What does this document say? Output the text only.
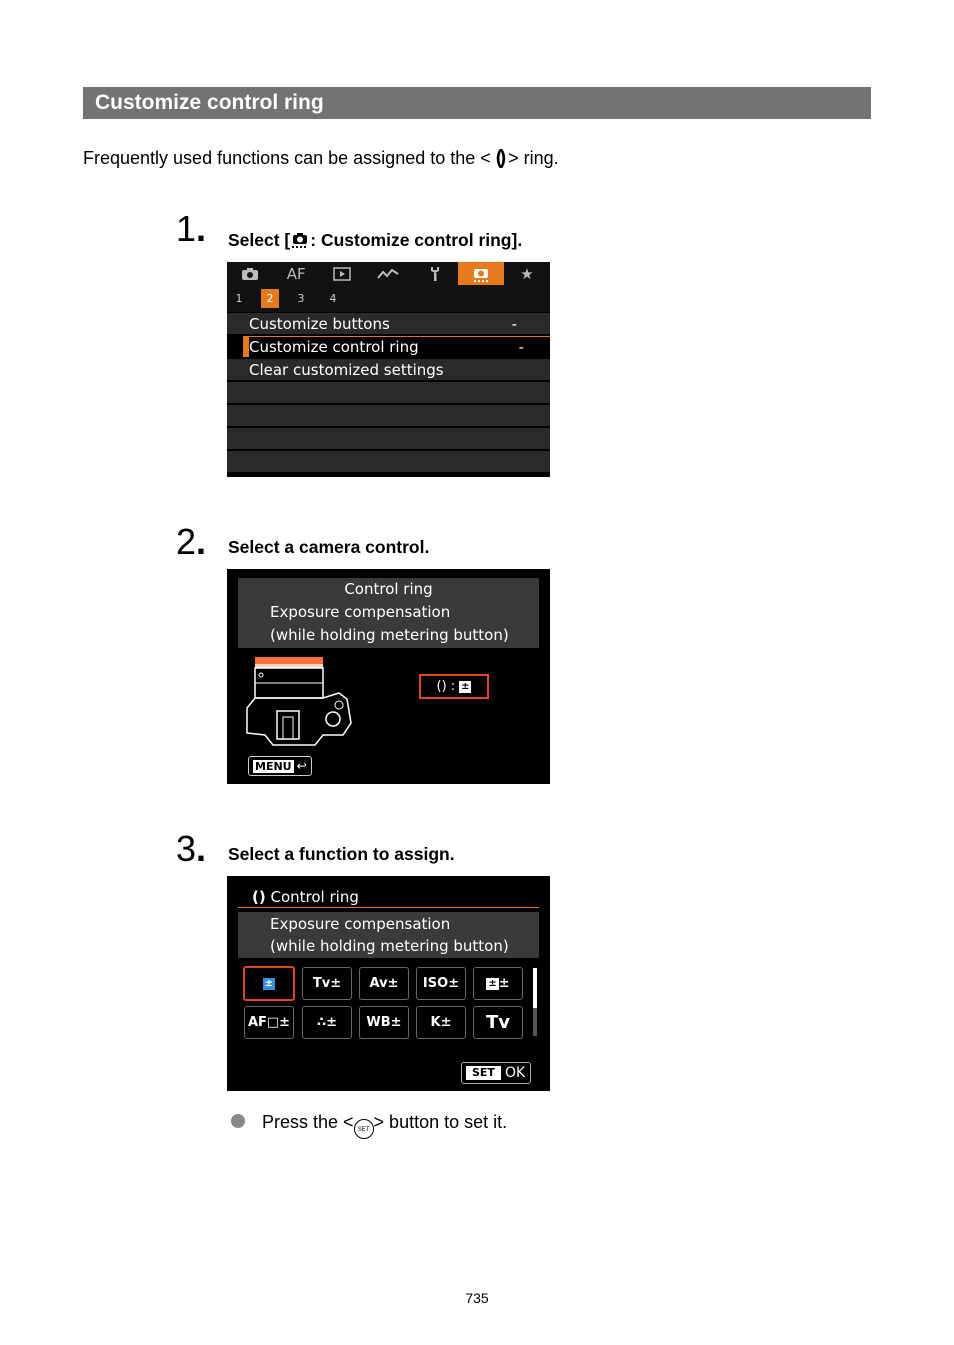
Customize control ring
Frequently used functions can be assigned to the < () > ring.
1. Select [ : Customize control ring].
AF	★
1	2	3	4
Customize buttons	-
Customize control ring	-
Clear customized settings
2. Select a camera control.
Control ring
Exposure compensation
(while holding metering button)
() : ±
MENU ↩
3. Select a function to assign.
() Control ring
Exposure compensation
(while holding metering button)
±	Tv±	Av±	ISO±	± ±
AF□±	∴ ±	WB±	K±	Tv
SET OK
Press the < SET > button to set it.
735
